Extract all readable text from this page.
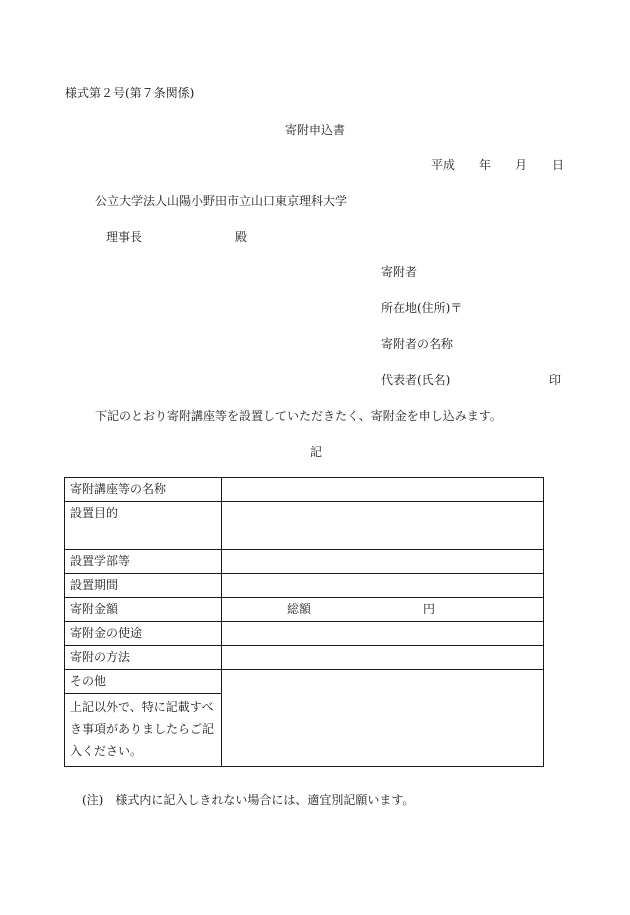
様式第２号(第７条関係)
寄附申込書
平成 年 月 日
公立大学法人山陽小野田市立山口東京理科大学
理事長	殿
寄附者
所在地(住所)〒
寄附者の名称
代表者(氏名)	印
下記のとおり寄附講座等を設置していただきたく、寄附金を申し込みます。
記
寄附講座等の名称	
設置目的	
設置学部等	
設置期間	
寄附金額	総額 円
寄附金の使途	
寄附の方法	
その他	
上記以外で、特に記載すべき事項がありましたらご記入ください。	
(注)　様式内に記入しきれない場合には、適宜別記願います。
